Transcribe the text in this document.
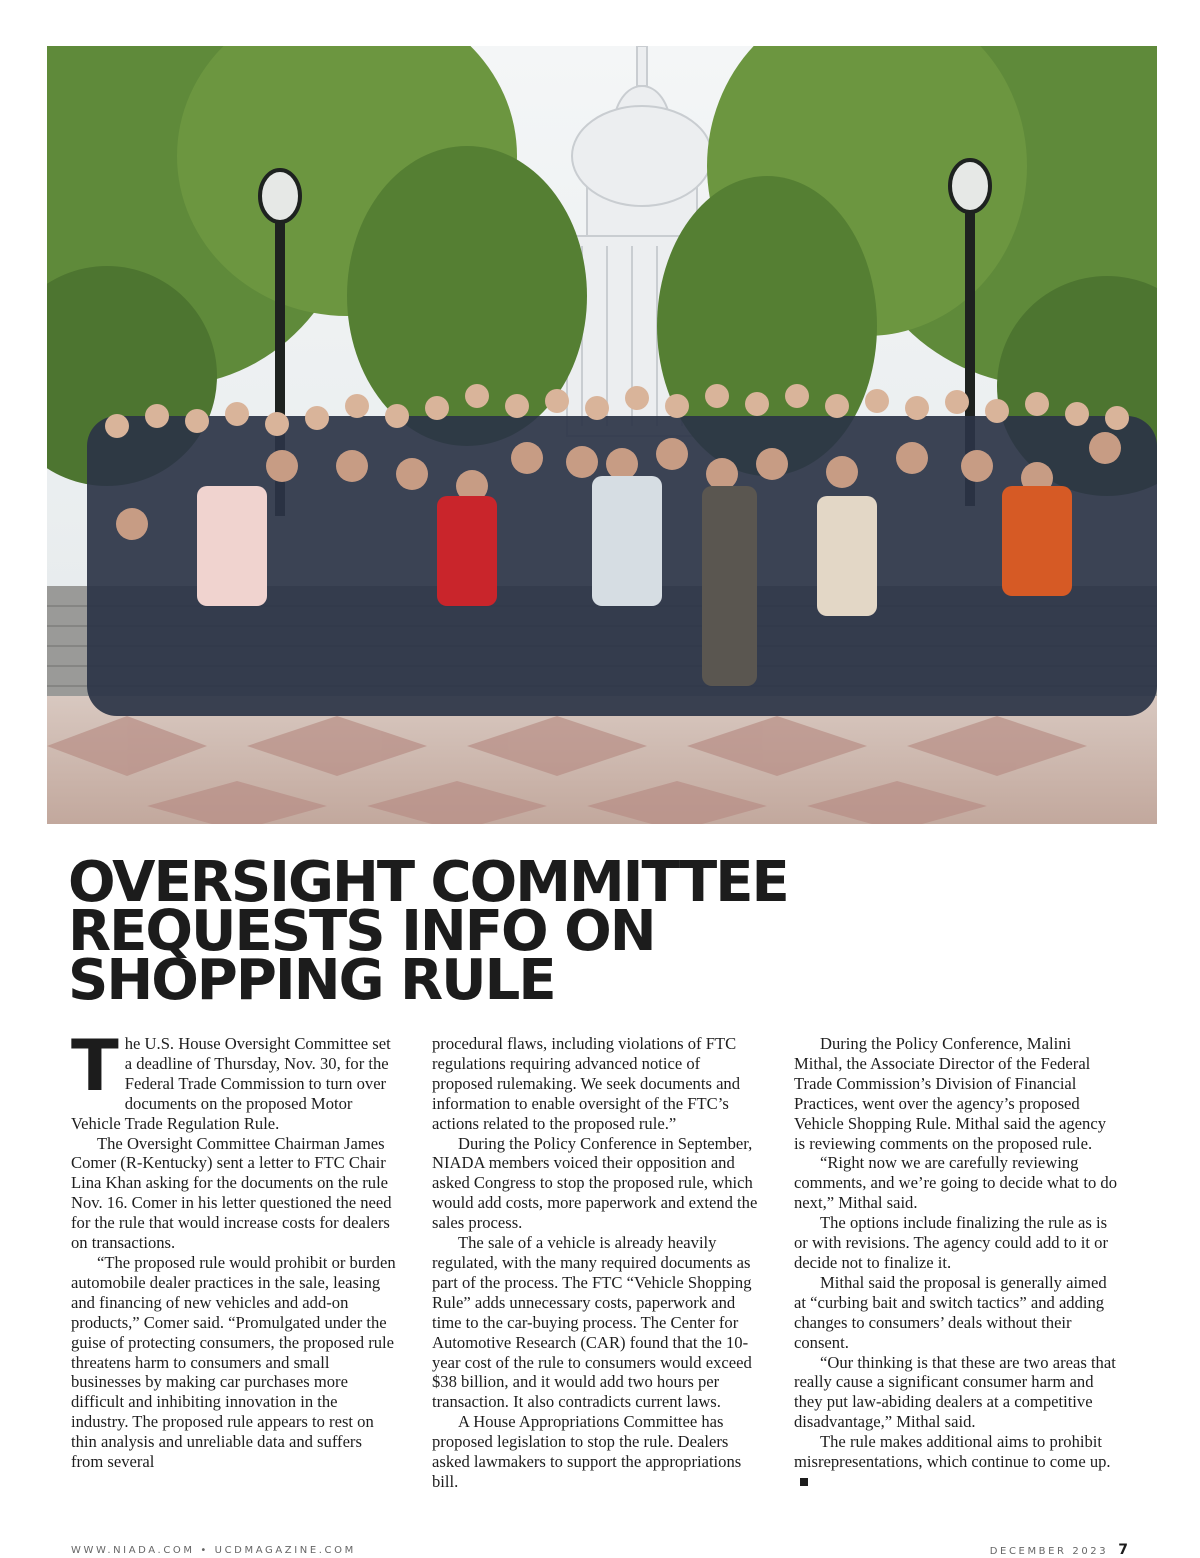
OVERSIGHT COMMITTEE
REQUESTS INFO ON
SHOPPING RULE

The U.S. House Oversight Committee set a deadline of Thursday, Nov. 30, for the Federal Trade Commission to turn over documents on the proposed Motor Vehicle Trade Regulation Rule.

The Oversight Committee Chairman James Comer (R-Kentucky) sent a letter to FTC Chair Lina Khan asking for the documents on the rule Nov. 16. Comer in his letter questioned the need for the rule that would increase costs for dealers on transactions.

“The proposed rule would prohibit or burden automobile dealer practices in the sale, leasing and financing of new vehicles and add-on products,” Comer said. “Promulgated under the guise of protecting consumers, the proposed rule threatens harm to consumers and small businesses by making car purchases more difficult and inhibiting innovation in the industry. The proposed rule appears to rest on thin analysis and unreliable data and suffers from several

procedural flaws, including violations of FTC regulations requiring advanced notice of proposed rulemaking. We seek documents and information to enable oversight of the FTC’s actions related to the proposed rule.”

During the Policy Conference in September, NIADA members voiced their opposition and asked Congress to stop the proposed rule, which would add costs, more paperwork and extend the sales process.

The sale of a vehicle is already heavily regulated, with the many required documents as part of the process. The FTC “Vehicle Shopping Rule” adds unnecessary costs, paperwork and time to the car-buying process. The Center for Automotive Research (CAR) found that the 10-year cost of the rule to consumers would exceed $38 billion, and it would add two hours per transaction. It also contradicts current laws.

A House Appropriations Committee has proposed legislation to stop the rule. Dealers asked lawmakers to support the appropriations bill.

During the Policy Conference, Malini Mithal, the Associate Director of the Federal Trade Commission’s Division of Financial Practices, went over the agency’s proposed Vehicle Shopping Rule. Mithal said the agency is reviewing comments on the proposed rule.

“Right now we are carefully reviewing comments, and we’re going to decide what to do next,” Mithal said.

The options include finalizing the rule as is or with revisions. The agency could add to it or decide not to finalize it.

Mithal said the proposal is generally aimed at “curbing bait and switch tactics” and adding changes to consumers’ deals without their consent.

“Our thinking is that these are two areas that really cause a significant consumer harm and they put law-abiding dealers at a competitive disadvantage,” Mithal said.

The rule makes additional aims to prohibit misrepresentations, which continue to come up.

WWW.NIADA.COM • UCDMAGAZINE.COM	DECEMBER 2023 7
